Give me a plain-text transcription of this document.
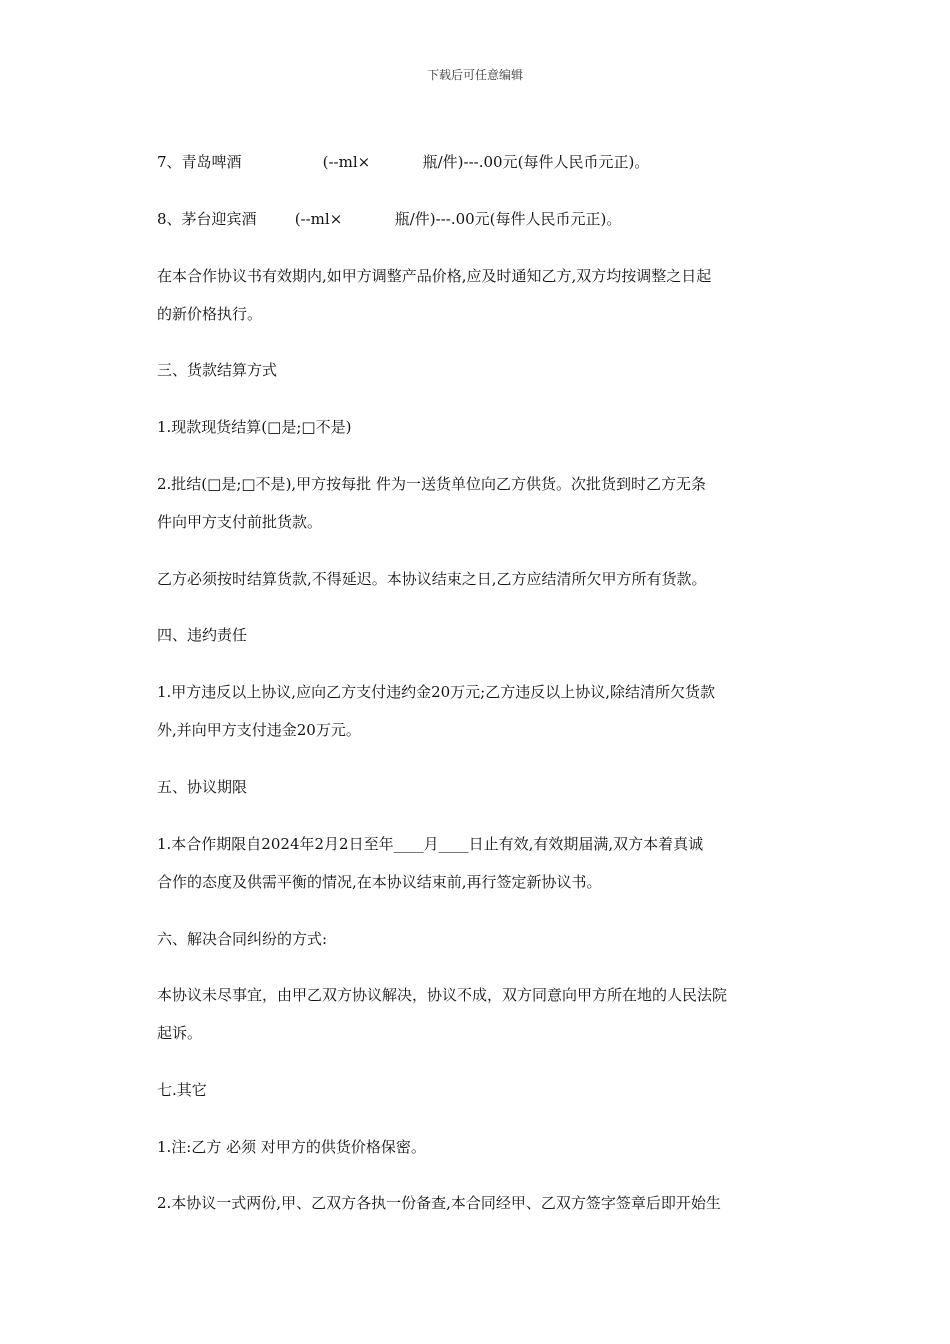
下载后可任意编辑
7、青岛啤酒                 (--ml×           瓶/件)---.00元(每件人民币元正)。
8、茅台迎宾酒        (--ml×           瓶/件)---.00元(每件人民币元正)。
在本合作协议书有效期内,如甲方调整产品价格,应及时通知乙方,双方均按调整之日起
的新价格执行。
三、货款结算方式
1.现款现货结算(□是;□不是)
2.批结(□是;□不是),甲方按每批 件为一送货单位向乙方供货。次批货到时乙方无条
件向甲方支付前批货款。
乙方必须按时结算货款,不得延迟。本协议结束之日,乙方应结清所欠甲方所有货款。
四、违约责任
1.甲方违反以上协议,应向乙方支付违约金20万元;乙方违反以上协议,除结清所欠货款
外,并向甲方支付违金20万元。
五、协议期限
1.本合作期限自2024年2月2日至年____月____日止有效,有效期届满,双方本着真诚
合作的态度及供需平衡的情况,在本协议结束前,再行签定新协议书。
六、解决合同纠纷的方式:
本协议未尽事宜，由甲乙双方协议解决，协议不成，双方同意向甲方所在地的人民法院
起诉。
七.其它
1.注:乙方 必须 对甲方的供货价格保密。
2.本协议一式两份,甲、乙双方各执一份备查,本合同经甲、乙双方签字签章后即开始生
